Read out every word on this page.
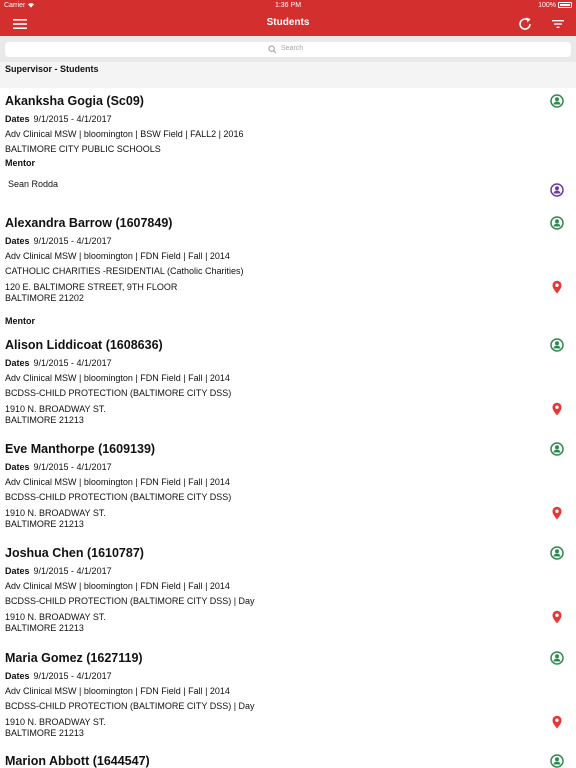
Carrier	1:36 PM	100%
Students
Search
Supervisor - Students
Akanksha Gogia (Sc09)
Dates 9/1/2015 - 4/1/2017
Adv Clinical MSW | bloomington | BSW Field | FALL2 | 2016
BALTIMORE CITY PUBLIC SCHOOLS
Mentor
Sean Rodda
Alexandra Barrow (1607849)
Dates 9/1/2015 - 4/1/2017
Adv Clinical MSW | bloomington | FDN Field | Fall | 2014
CATHOLIC CHARITIES -RESIDENTIAL (Catholic Charities)
120 E. BALTIMORE STREET, 9TH FLOOR
BALTIMORE 21202
Mentor
Alison Liddicoat (1608636)
Dates 9/1/2015 - 4/1/2017
Adv Clinical MSW | bloomington | FDN Field | Fall | 2014
BCDSS-CHILD PROTECTION (BALTIMORE CITY DSS)
1910 N. BROADWAY ST.
BALTIMORE 21213
Eve Manthorpe (1609139)
Dates 9/1/2015 - 4/1/2017
Adv Clinical MSW | bloomington | FDN Field | Fall | 2014
BCDSS-CHILD PROTECTION (BALTIMORE CITY DSS)
1910 N. BROADWAY ST.
BALTIMORE 21213
Joshua Chen (1610787)
Dates 9/1/2015 - 4/1/2017
Adv Clinical MSW | bloomington | FDN Field | Fall | 2014
BCDSS-CHILD PROTECTION (BALTIMORE CITY DSS) | Day
1910 N. BROADWAY ST.
BALTIMORE 21213
Maria Gomez (1627119)
Dates 9/1/2015 - 4/1/2017
Adv Clinical MSW | bloomington | FDN Field | Fall | 2014
BCDSS-CHILD PROTECTION (BALTIMORE CITY DSS) | Day
1910 N. BROADWAY ST.
BALTIMORE 21213
Marion Abbott (1644547)
